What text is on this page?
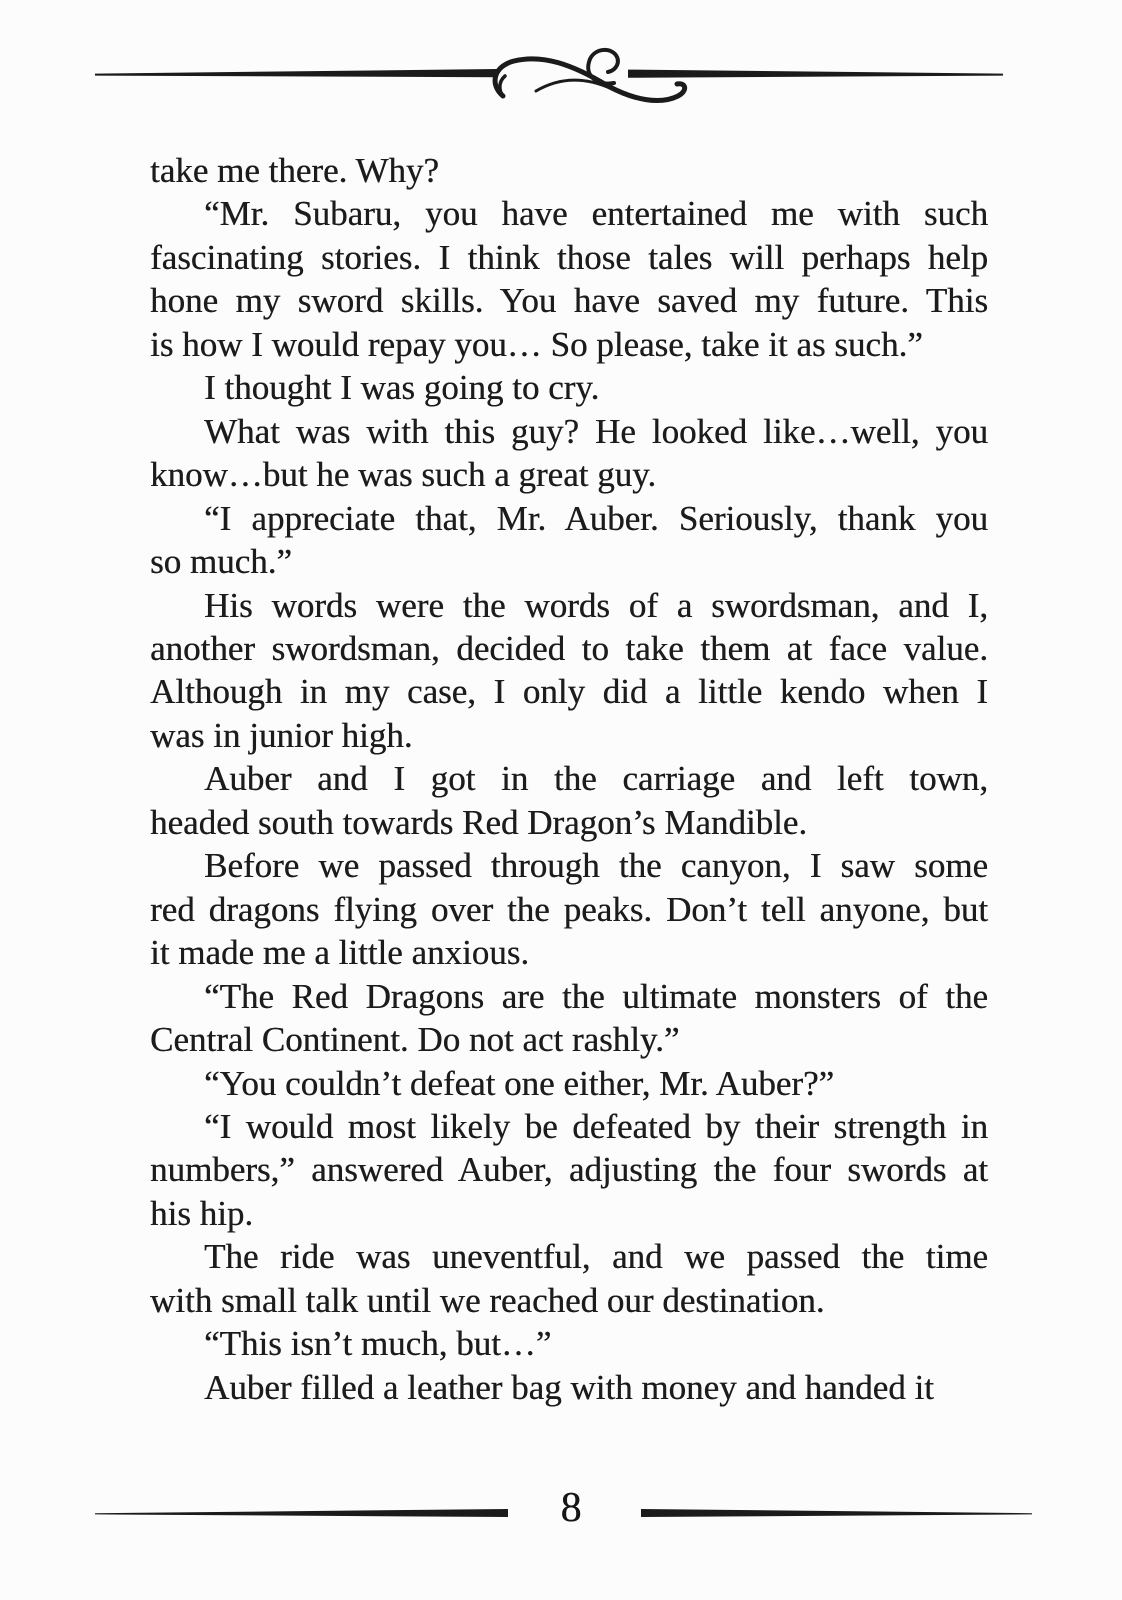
take me there. Why?
“Mr. Subaru, you have entertained me with such
fascinating stories. I think those tales will perhaps help
hone my sword skills. You have saved my future. This
is how I would repay you… So please, take it as such.”
I thought I was going to cry.
What was with this guy? He looked like…well, you
know…but he was such a great guy.
“I appreciate that, Mr. Auber. Seriously, thank you
so much.”
His words were the words of a swordsman, and I,
another swordsman, decided to take them at face value.
Although in my case, I only did a little kendo when I
was in junior high.
Auber and I got in the carriage and left town,
headed south towards Red Dragon’s Mandible.
Before we passed through the canyon, I saw some
red dragons flying over the peaks. Don’t tell anyone, but
it made me a little anxious.
“The Red Dragons are the ultimate monsters of the
Central Continent. Do not act rashly.”
“You couldn’t defeat one either, Mr. Auber?”
“I would most likely be defeated by their strength in
numbers,” answered Auber, adjusting the four swords at
his hip.
The ride was uneventful, and we passed the time
with small talk until we reached our destination.
“This isn’t much, but…”
Auber filled a leather bag with money and handed it
8
